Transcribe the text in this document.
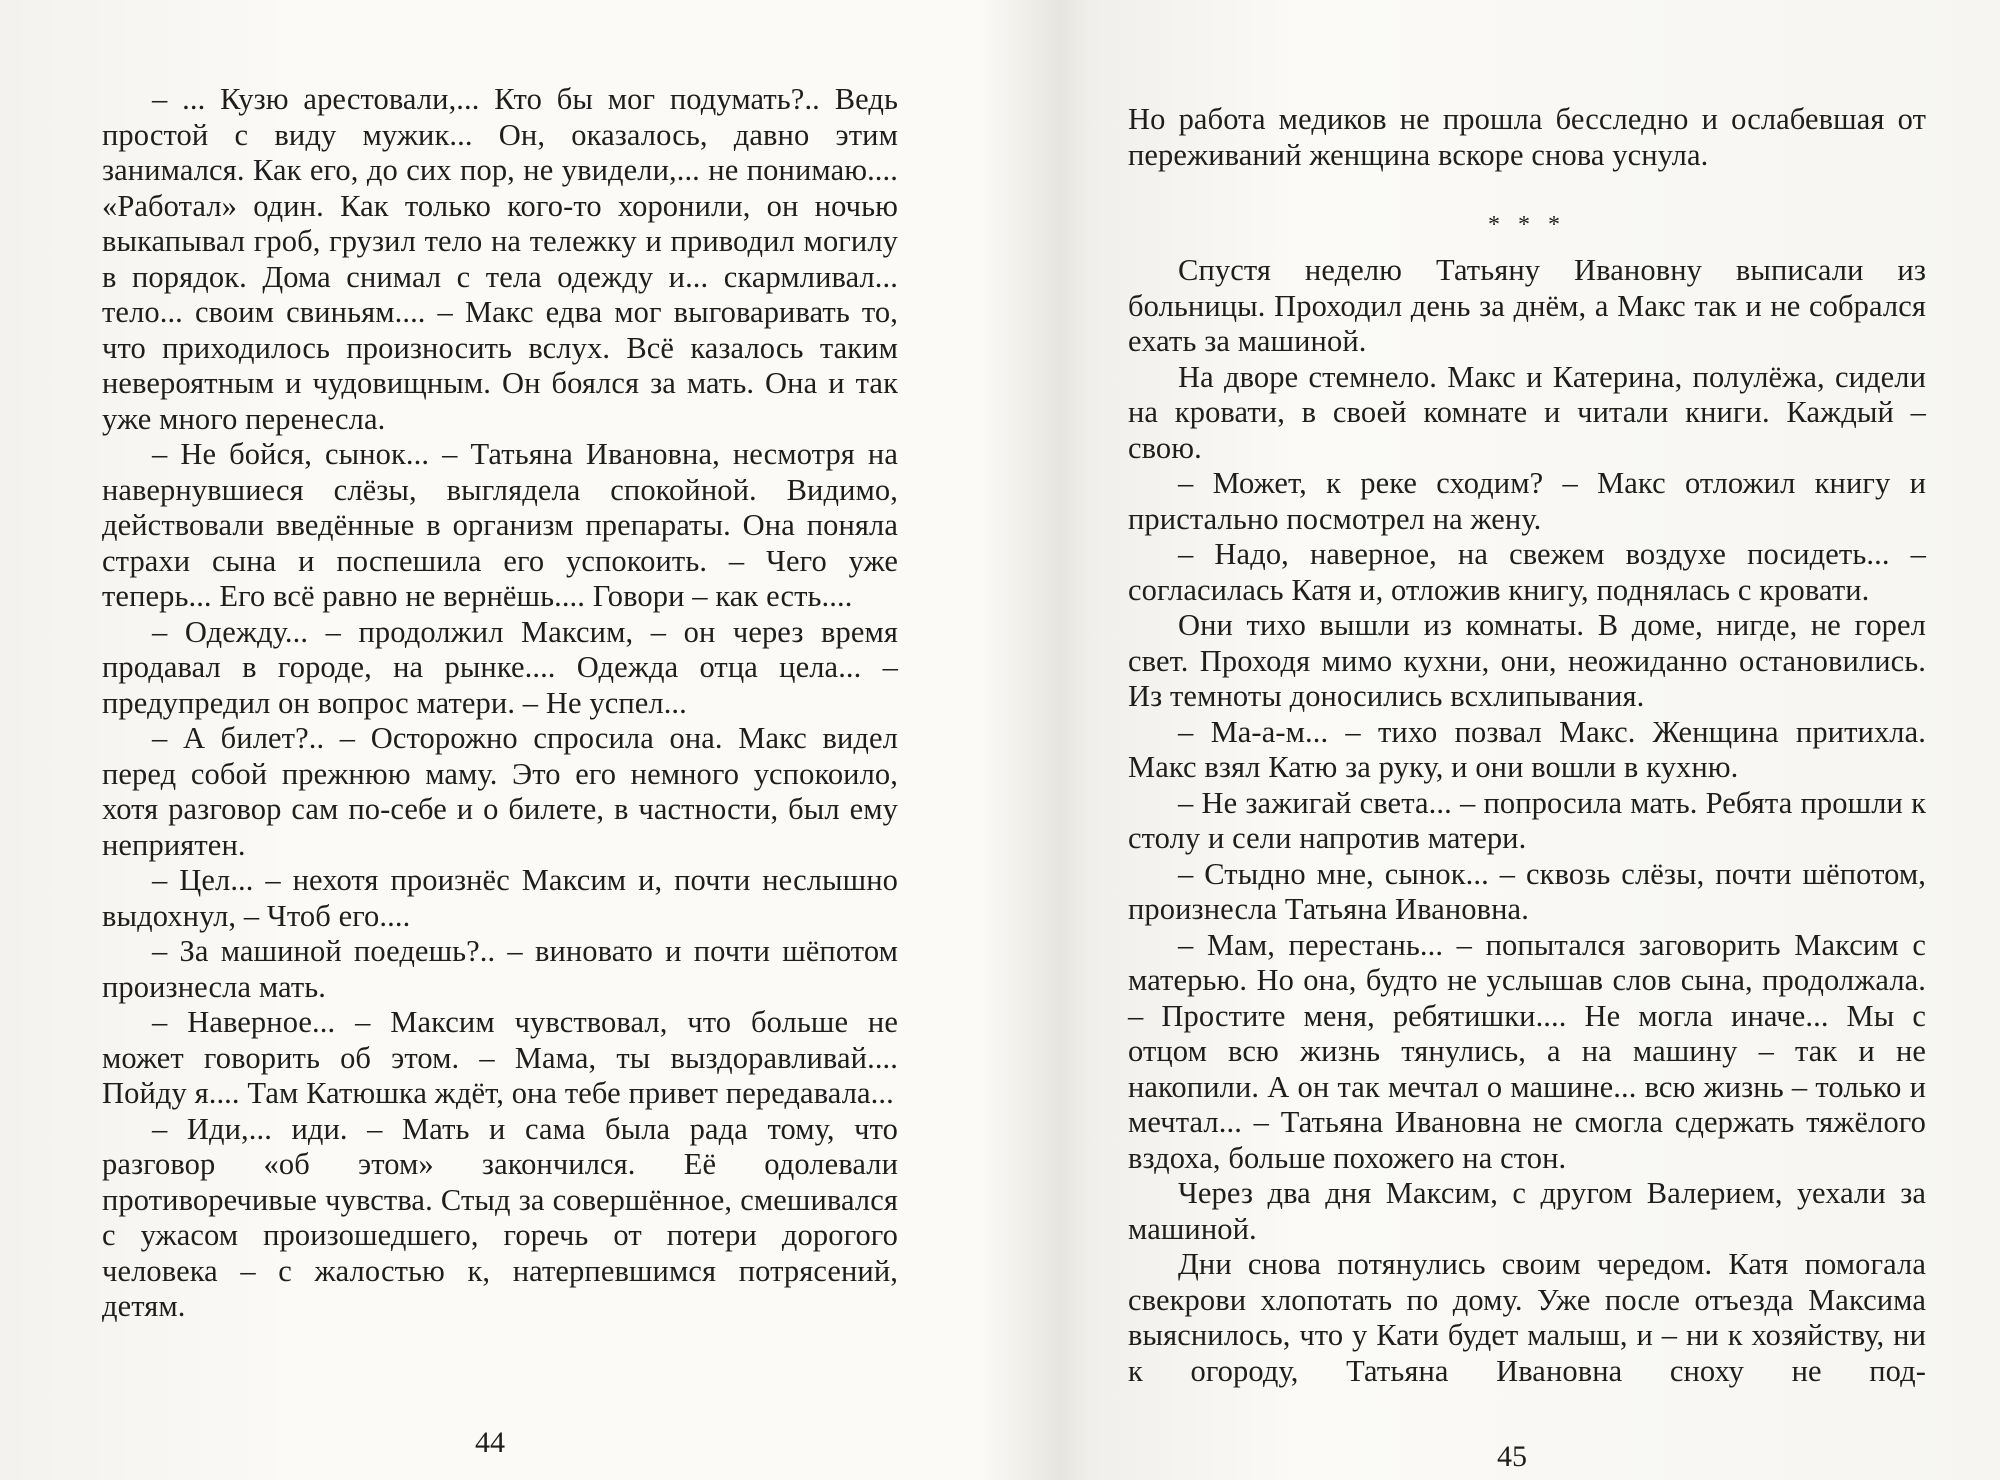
– ... Кузю арестовали,... Кто бы мог подумать?.. Ведь простой с виду мужик... Он, оказалось, давно этим занимался. Как его, до сих пор, не увидели,... не понимаю.... «Работал» один. Как только кого-то хоронили, он ночью выкапывал гроб, грузил тело на тележку и приводил могилу в порядок. Дома снимал с тела одежду и... скармливал... тело... своим свиньям.... – Макс едва мог выговаривать то, что приходилось произносить вслух. Всё казалось таким невероятным и чудовищным. Он боялся за мать. Она и так уже много перенесла.

– Не бойся, сынок... – Татьяна Ивановна, несмотря на навернувшиеся слёзы, выглядела спокойной. Видимо, действовали введённые в организм препараты. Она поняла страхи сына и поспешила его успокоить. – Чего уже теперь... Его всё равно не вернёшь.... Говори – как есть....

– Одежду... – продолжил Максим, – он через время продавал в городе, на рынке.... Одежда отца цела... – предупредил он вопрос матери. – Не успел...

– А билет?.. – Осторожно спросила она. Макс видел перед собой прежнюю маму. Это его немного успокоило, хотя разговор сам по-себе и о билете, в частности, был ему неприятен.

– Цел... – нехотя произнёс Максим и, почти неслышно выдохнул, – Чтоб его....

– За машиной поедешь?.. – виновато и почти шёпотом произнесла мать.

– Наверное... – Максим чувствовал, что больше не может говорить об этом. – Мама, ты выздоравливай.... Пойду я.... Там Катюшка ждёт, она тебе привет передавала...

– Иди,... иди. – Мать и сама была рада тому, что разговор «об этом» закончился. Её одолевали противоречивые чувства. Стыд за совершённое, смешивался с ужасом произошедшего, горечь от потери дорогого человека – с жалостью к, натерпевшимся потрясений, детям.

44

Но работа медиков не прошла бесследно и ослабевшая от переживаний женщина вскоре снова уснула.

* * *

Спустя неделю Татьяну Ивановну выписали из больницы. Проходил день за днём, а Макс так и не собрался ехать за машиной.

На дворе стемнело. Макс и Катерина, полулёжа, сидели на кровати, в своей комнате и читали книги. Каждый – свою.

– Может, к реке сходим? – Макс отложил книгу и пристально посмотрел на жену.

– Надо, наверное, на свежем воздухе посидеть... – согласилась Катя и, отложив книгу, поднялась с кровати.

Они тихо вышли из комнаты. В доме, нигде, не горел свет. Проходя мимо кухни, они, неожиданно остановились. Из темноты доносились всхлипывания.

– Ма-а-м... – тихо позвал Макс. Женщина притихла. Макс взял Катю за руку, и они вошли в кухню.

– Не зажигай света... – попросила мать. Ребята прошли к столу и сели напротив матери.

– Стыдно мне, сынок... – сквозь слёзы, почти шёпотом, произнесла Татьяна Ивановна.

– Мам, перестань... – попытался заговорить Максим с матерью. Но она, будто не услышав слов сына, продолжала. – Простите меня, ребятишки.... Не могла иначе... Мы с отцом всю жизнь тянулись, а на машину – так и не накопили. А он так мечтал о машине... всю жизнь – только и мечтал... – Татьяна Ивановна не смогла сдержать тяжёлого вздоха, больше похожего на стон.

Через два дня Максим, с другом Валерием, уехали за машиной.

Дни снова потянулись своим чередом. Катя помогала свекрови хлопотать по дому. Уже после отъезда Максима выяснилось, что у Кати будет малыш, и – ни к хозяйству, ни к огороду, Татьяна Ивановна сноху не под-

45
